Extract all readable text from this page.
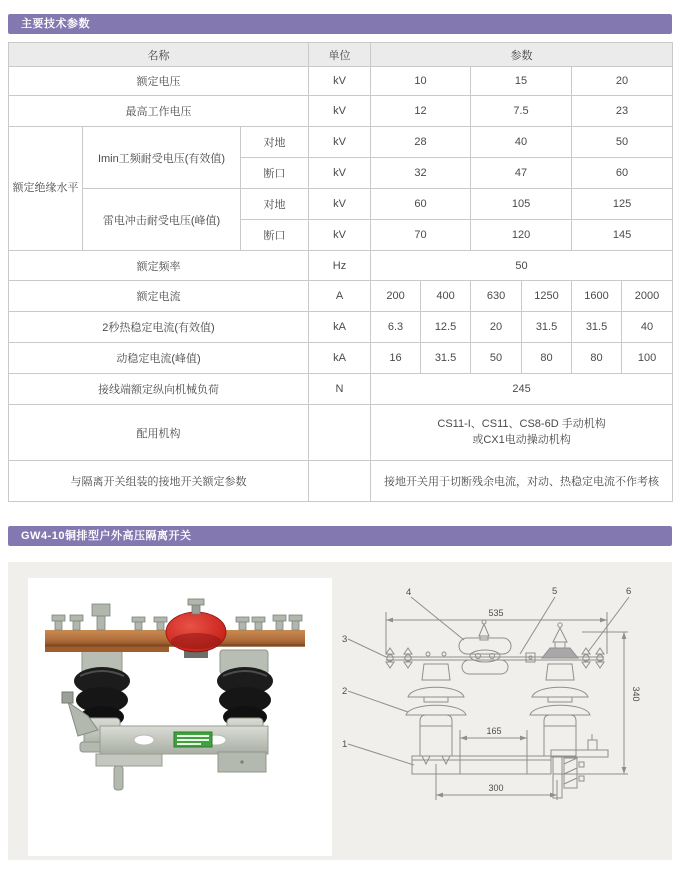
主要技术参数
名称			单位	参数					
额定电压			kV	10		15		20	
最高工作电压			kV	12		7.5		23	
额定绝缘水平	Imin工频耐受电压(有效值)	对地	kV	28		40		50	
		断口	kV	32		47		60	
	雷电冲击耐受电压(峰值)	对地	kV	60		105		125	
		断口	kV	70		120		145	
额定频率			Hz	50					
额定电流			A	200	400	630	1250	1600	2000
2秒热稳定电流(有效值)			kA	6.3	12.5	20	31.5	31.5	40
动稳定电流(峰值)			kA	16	31.5	50	80	80	100
接线端额定纵向机械负荷			N	245					
配用机构				CS11-I、CS11、CS8-6D 手动机构
或CX1电动操动机构					

与隔离开关组装的接地开关额定参数				接地开关用于切断残余电流，对动、热稳定电流不作考核					
GW4-10铜排型户外高压隔离开关
535
340
165
300
1
2
3
4	5	6
